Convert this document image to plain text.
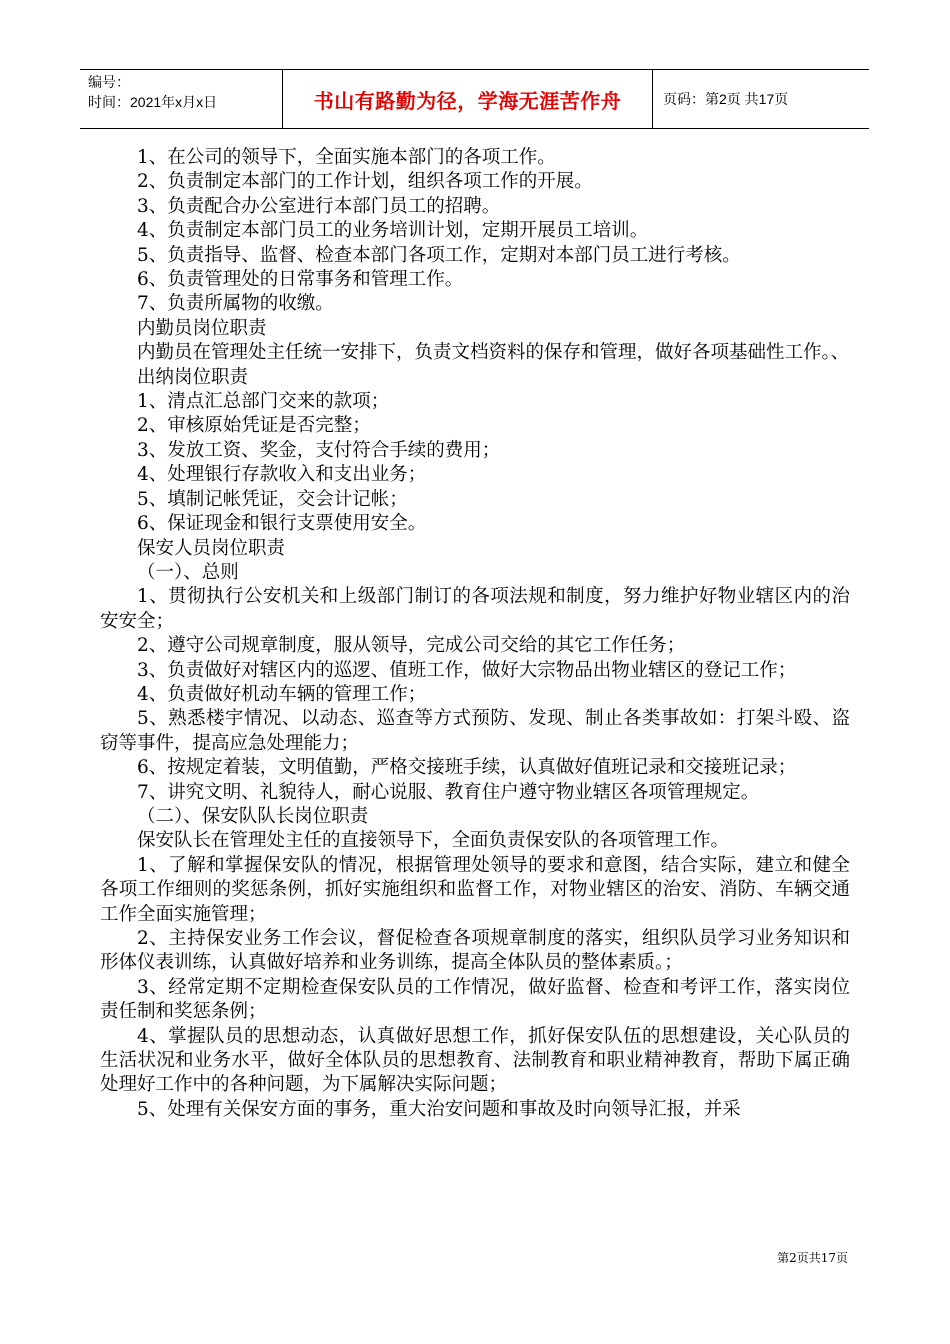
编号：
时间：2021年x月x日	书山有路勤为径，学海无涯苦作舟	页码：第2页 共17页

1、在公司的领导下，全面实施本部门的各项工作。

2、负责制定本部门的工作计划，组织各项工作的开展。

3、负责配合办公室进行本部门员工的招聘。

4、负责制定本部门员工的业务培训计划，定期开展员工培训。

5、负责指导、监督、检查本部门各项工作，定期对本部门员工进行考核。

6、负责管理处的日常事务和管理工作。

7、负责所属物的收缴。

内勤员岗位职责

内勤员在管理处主任统一安排下，负责文档资料的保存和管理，做好各项基础性工作。、

出纳岗位职责

1、清点汇总部门交来的款项；

2、审核原始凭证是否完整；

3、发放工资、奖金，支付符合手续的费用；

4、处理银行存款收入和支出业务；

5、填制记帐凭证，交会计记帐；

6、保证现金和银行支票使用安全。

保安人员岗位职责

（一）、总则

1、贯彻执行公安机关和上级部门制订的各项法规和制度，努力维护好物业辖区内的治安安全；

2、遵守公司规章制度，服从领导，完成公司交给的其它工作任务；

3、负责做好对辖区内的巡逻、值班工作，做好大宗物品出物业辖区的登记工作；

4、负责做好机动车辆的管理工作；

5、熟悉楼宇情况、以动态、巡查等方式预防、发现、制止各类事故如：打架斗殴、盗窃等事件，提高应急处理能力；

6、按规定着装，文明值勤，严格交接班手续，认真做好值班记录和交接班记录；

7、讲究文明、礼貌待人，耐心说服、教育住户遵守物业辖区各项管理规定。

（二）、保安队队长岗位职责

保安队长在管理处主任的直接领导下，全面负责保安队的各项管理工作。

1、了解和掌握保安队的情况，根据管理处领导的要求和意图，结合实际，建立和健全各项工作细则的奖惩条例，抓好实施组织和监督工作，对物业辖区的治安、消防、车辆交通工作全面实施管理；

2、主持保安业务工作会议，督促检查各项规章制度的落实，组织队员学习业务知识和形体仪表训练，认真做好培养和业务训练，提高全体队员的整体素质。；

3、经常定期不定期检查保安队员的工作情况，做好监督、检查和考评工作，落实岗位责任制和奖惩条例；

4、掌握队员的思想动态，认真做好思想工作，抓好保安队伍的思想建设，关心队员的生活状况和业务水平，做好全体队员的思想教育、法制教育和职业精神教育，帮助下属正确处理好工作中的各种问题，为下属解决实际问题；

5、处理有关保安方面的事务，重大治安问题和事故及时向领导汇报，并采

第2页共17页
